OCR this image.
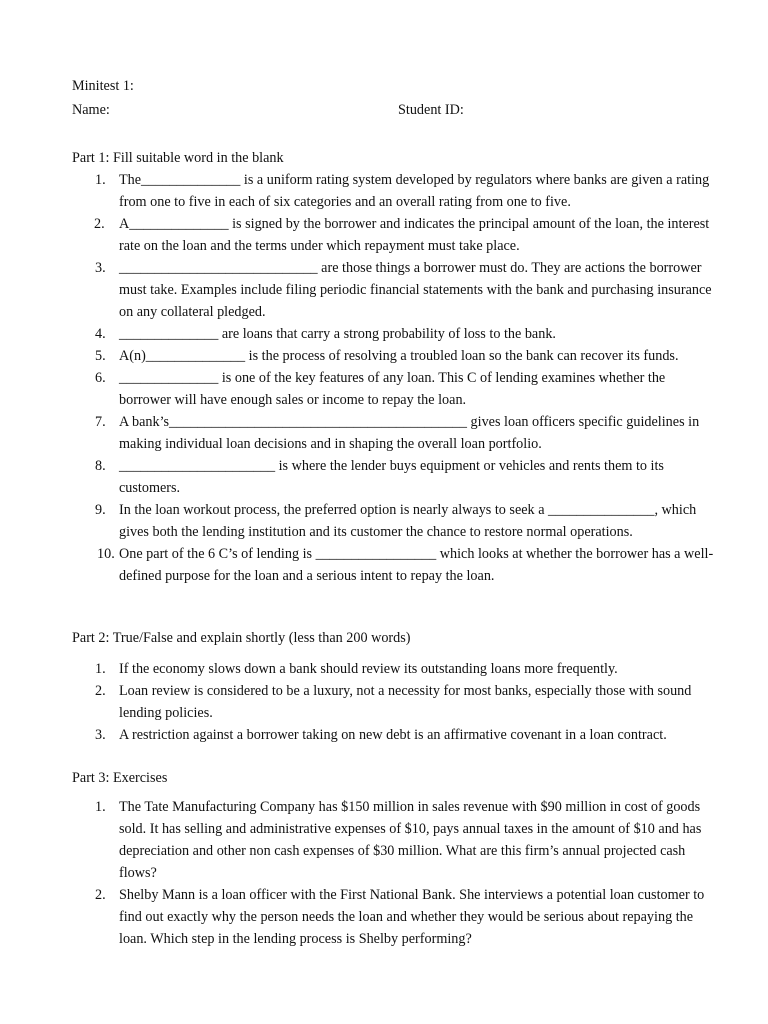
Minitest 1:
Name:	Student ID:
Part 1: Fill suitable word in the blank
1. The______________ is a uniform rating system developed by regulators where banks are given a rating from one to five in each of six categories and an overall rating from one to five.
2. A______________ is signed by the borrower and indicates the principal amount of the loan, the interest rate on the loan and the terms under which repayment must take place.
3. ____________________________ are those things a borrower must do. They are actions the borrower must take. Examples include filing periodic financial statements with the bank and purchasing insurance on any collateral pledged.
4. ______________ are loans that carry a strong probability of loss to the bank.
5. A(n)______________ is the process of resolving a troubled loan so the bank can recover its funds.
6. ______________ is one of the key features of any loan. This C of lending examines whether the borrower will have enough sales or income to repay the loan.
7. A bank’s__________________________________________ gives loan officers specific guidelines in making individual loan decisions and in shaping the overall loan portfolio.
8. ______________________ is where the lender buys equipment or vehicles and rents them to its customers.
9. In the loan workout process, the preferred option is nearly always to seek a _______________, which gives both the lending institution and its customer the chance to restore normal operations.
10. One part of the 6 C’s of lending is _________________ which looks at whether the borrower has a well-defined purpose for the loan and a serious intent to repay the loan.
Part 2: True/False and explain shortly (less than 200 words)
1. If the economy slows down a bank should review its outstanding loans more frequently.
2. Loan review is considered to be a luxury, not a necessity for most banks, especially those with sound lending policies.
3. A restriction against a borrower taking on new debt is an affirmative covenant in a loan contract.
Part 3: Exercises
1. The Tate Manufacturing Company has $150 million in sales revenue with $90 million in cost of goods sold. It has selling and administrative expenses of $10, pays annual taxes in the amount of $10 and has depreciation and other non cash expenses of $30 million. What are this firm’s annual projected cash flows?
2. Shelby Mann is a loan officer with the First National Bank. She interviews a potential loan customer to find out exactly why the person needs the loan and whether they would be serious about repaying the loan. Which step in the lending process is Shelby performing?
